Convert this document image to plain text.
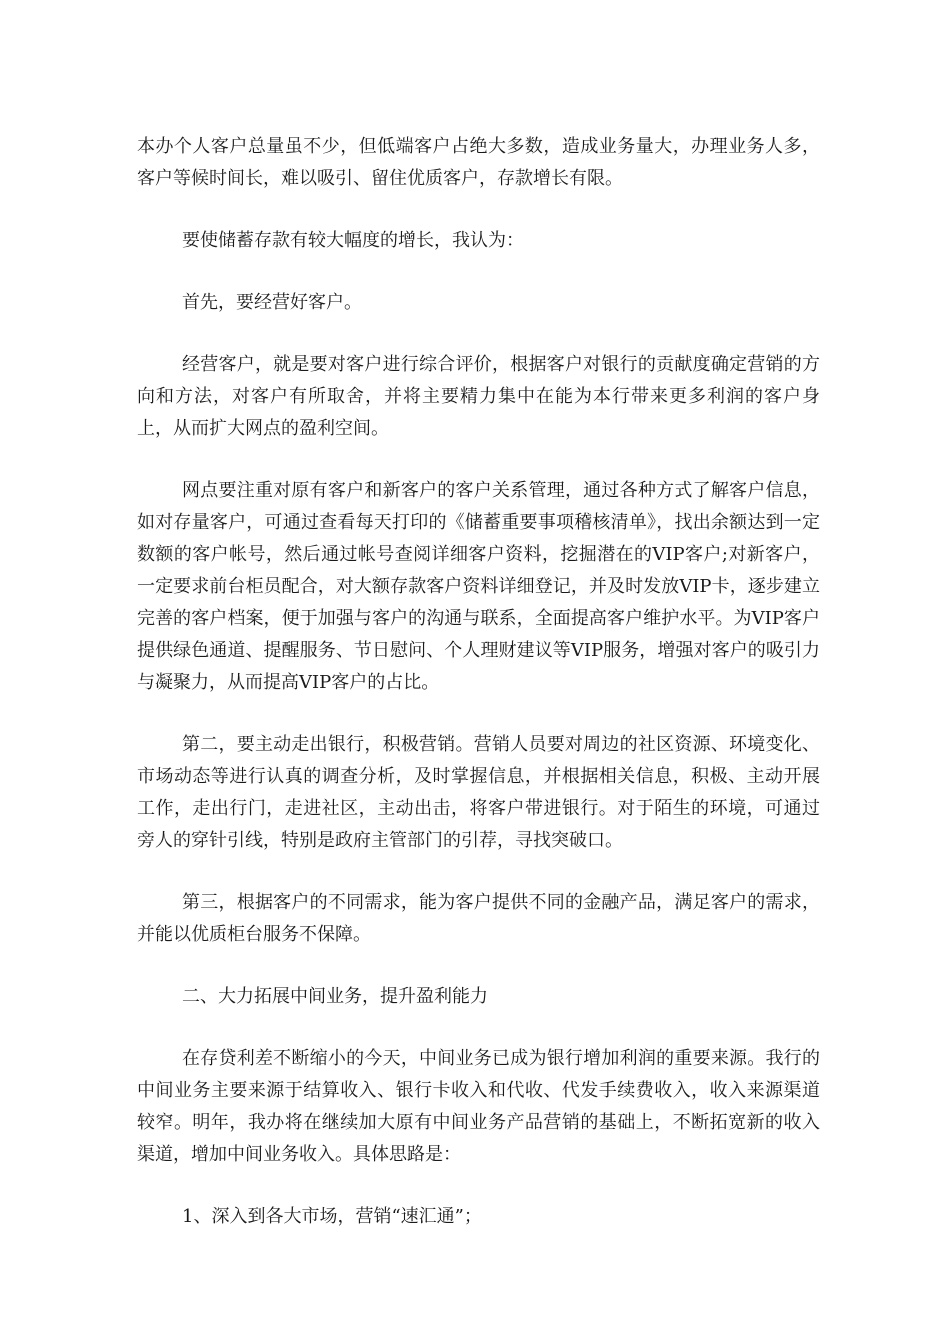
本办个人客户总量虽不少，但低端客户占绝大多数，造成业务量大，办理业务人多，客户等候时间长，难以吸引、留住优质客户，存款增长有限。

要使储蓄存款有较大幅度的增长，我认为：

首先，要经营好客户。

经营客户，就是要对客户进行综合评价，根据客户对银行的贡献度确定营销的方向和方法，对客户有所取舍，并将主要精力集中在能为本行带来更多利润的客户身上，从而扩大网点的盈利空间。

网点要注重对原有客户和新客户的客户关系管理，通过各种方式了解客户信息，如对存量客户，可通过查看每天打印的《储蓄重要事项稽核清单》，找出余额达到一定数额的客户帐号，然后通过帐号查阅详细客户资料，挖掘潜在的VIP客户;对新客户，一定要求前台柜员配合，对大额存款客户资料详细登记，并及时发放VIP卡，逐步建立完善的客户档案，便于加强与客户的沟通与联系，全面提高客户维护水平。为VIP客户提供绿色通道、提醒服务、节日慰问、个人理财建议等VIP服务，增强对客户的吸引力与凝聚力，从而提高VIP客户的占比。

第二，要主动走出银行，积极营销。营销人员要对周边的社区资源、环境变化、市场动态等进行认真的调查分析，及时掌握信息，并根据相关信息，积极、主动开展工作，走出行门，走进社区，主动出击，将客户带进银行。对于陌生的环境，可通过旁人的穿针引线，特别是政府主管部门的引荐，寻找突破口。

第三，根据客户的不同需求，能为客户提供不同的金融产品，满足客户的需求，并能以优质柜台服务不保障。

二、大力拓展中间业务，提升盈利能力

在存贷利差不断缩小的今天，中间业务已成为银行增加利润的重要来源。我行的中间业务主要来源于结算收入、银行卡收入和代收、代发手续费收入，收入来源渠道较窄。明年，我办将在继续加大原有中间业务产品营销的基础上，不断拓宽新的收入渠道，增加中间业务收入。具体思路是：

1、深入到各大市场，营销“速汇通”；
